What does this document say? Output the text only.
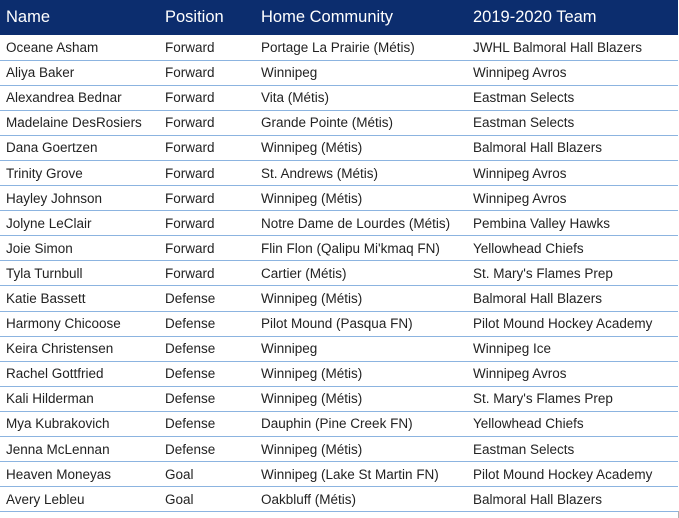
Name	Position	Home Community	2019-2020 Team
Oceane Asham	Forward	Portage La Prairie (Métis)	JWHL Balmoral Hall Blazers
Aliya Baker	Forward	Winnipeg	Winnipeg Avros
Alexandrea Bednar	Forward	Vita (Métis)	Eastman Selects
Madelaine DesRosiers	Forward	Grande Pointe (Métis)	Eastman Selects
Dana Goertzen	Forward	Winnipeg (Métis)	Balmoral Hall Blazers
Trinity Grove	Forward	St. Andrews (Métis)	Winnipeg Avros
Hayley Johnson	Forward	Winnipeg (Métis)	Winnipeg Avros
Jolyne LeClair	Forward	Notre Dame de Lourdes (Métis)	Pembina Valley Hawks
Joie Simon	Forward	Flin Flon (Qalipu Mi'kmaq FN)	Yellowhead Chiefs
Tyla Turnbull	Forward	Cartier (Métis)	St. Mary's Flames Prep
Katie Bassett	Defense	Winnipeg (Métis)	Balmoral Hall Blazers
Harmony Chicoose	Defense	Pilot Mound (Pasqua FN)	Pilot Mound Hockey Academy
Keira Christensen	Defense	Winnipeg	Winnipeg Ice
Rachel Gottfried	Defense	Winnipeg (Métis)	Winnipeg Avros
Kali Hilderman	Defense	Winnipeg (Métis)	St. Mary's Flames Prep
Mya Kubrakovich	Defense	Dauphin (Pine Creek FN)	Yellowhead Chiefs
Jenna McLennan	Defense	Winnipeg (Métis)	Eastman Selects
Heaven Moneyas	Goal	Winnipeg (Lake St Martin FN)	Pilot Mound Hockey Academy
Avery Lebleu	Goal	Oakbluff (Métis)	Balmoral Hall Blazers
